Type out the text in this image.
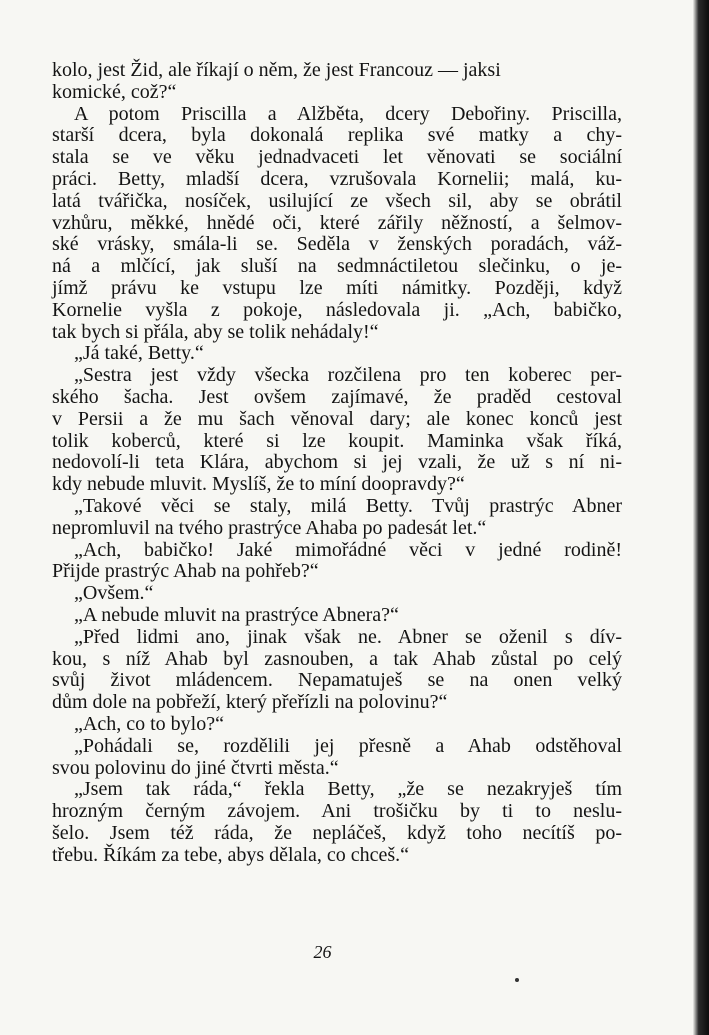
kolo, jest Žid, ale říkají o něm, že jest Francouz — jaksi
komické, což?“
A potom Priscilla a Alžběta, dcery Debořiny. Priscilla,
starší dcera, byla dokonalá replika své matky a chy-
stala se ve věku jednadvaceti let věnovati se sociální
práci. Betty, mladší dcera, vzrušovala Kornelii; malá, ku-
latá tvářička, nosíček, usilující ze všech sil, aby se obrátil
vzhůru, měkké, hnědé oči, které zářily něžností, a šelmov-
ské vrásky, smála-li se. Seděla v ženských poradách, váž-
ná a mlčící, jak sluší na sedmnáctiletou slečinku, o je-
jímž právu ke vstupu lze míti námitky. Později, když
Kornelie vyšla z pokoje, následovala ji. „Ach, babičko,
tak bych si přála, aby se tolik nehádaly!“
„Já také, Betty.“
„Sestra jest vždy všecka rozčilena pro ten koberec per-
ského šacha. Jest ovšem zajímavé, že praděd cestoval
v Persii a že mu šach věnoval dary; ale konec konců jest
tolik koberců, které si lze koupit. Maminka však říká,
nedovolí-li teta Klára, abychom si jej vzali, že už s ní ni-
kdy nebude mluvit. Myslíš, že to míní doopravdy?“
„Takové věci se staly, milá Betty. Tvůj prastrýc Abner
nepromluvil na tvého prastrýce Ahaba po padesát let.“
„Ach, babičko! Jaké mimořádné věci v jedné rodině!
Přijde prastrýc Ahab na pohřeb?“
„Ovšem.“
„A nebude mluvit na prastrýce Abnera?“
„Před lidmi ano, jinak však ne. Abner se oženil s dív-
kou, s níž Ahab byl zasnouben, a tak Ahab zůstal po celý
svůj život mládencem. Nepamatuješ se na onen velký
dům dole na pobřeží, který přeřízli na polovinu?“
„Ach, co to bylo?“
„Pohádali se, rozdělili jej přesně a Ahab odstěhoval
svou polovinu do jiné čtvrti města.“
„Jsem tak ráda,“ řekla Betty, „že se nezakryješ tím
hrozným černým závojem. Ani trošičku by ti to neslu-
šelo. Jsem též ráda, že nepláčeš, když toho necítíš po-
třebu. Říkám za tebe, abys dělala, co chceš.“
26
